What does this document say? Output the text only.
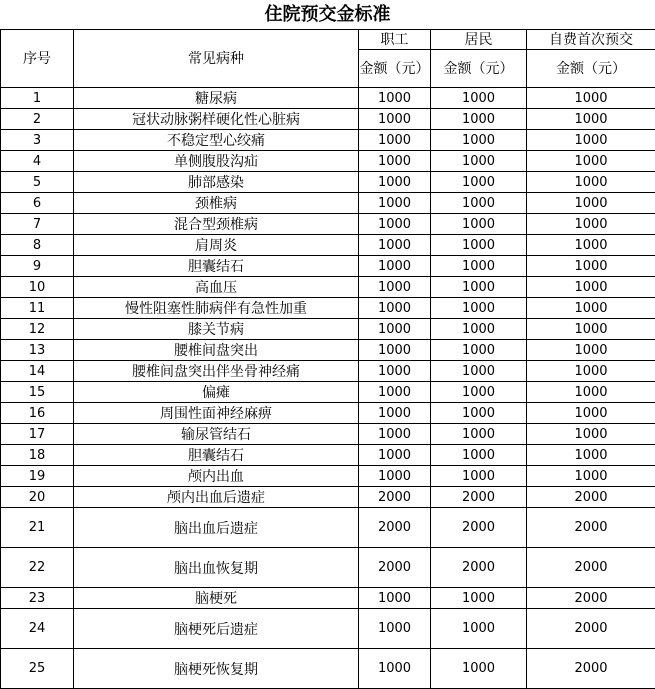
住院预交金标准
序号	常见病种	职工	居民	自费首次预交
		金额（元）	金额（元）	金额（元）
1	糖尿病	1000	1000	1000
2	冠状动脉粥样硬化性心脏病	1000	1000	1000
3	不稳定型心绞痛	1000	1000	1000
4	单侧腹股沟疝	1000	1000	1000
5	肺部感染	1000	1000	1000
6	颈椎病	1000	1000	1000
7	混合型颈椎病	1000	1000	1000
8	肩周炎	1000	1000	1000
9	胆囊结石	1000	1000	1000
10	高血压	1000	1000	1000
11	慢性阻塞性肺病伴有急性加重	1000	1000	1000
12	膝关节病	1000	1000	1000
13	腰椎间盘突出	1000	1000	1000
14	腰椎间盘突出伴坐骨神经痛	1000	1000	1000
15	偏瘫	1000	1000	1000
16	周围性面神经麻痹	1000	1000	1000
17	输尿管结石	1000	1000	1000
18	胆囊结石	1000	1000	1000
19	颅内出血	1000	1000	1000
20	颅内出血后遗症	2000	2000	2000
21	脑出血后遗症	2000	2000	2000
22	脑出血恢复期	2000	2000	2000
23	脑梗死	1000	1000	2000
24	脑梗死后遗症	1000	1000	2000
25	脑梗死恢复期	1000	1000	2000
